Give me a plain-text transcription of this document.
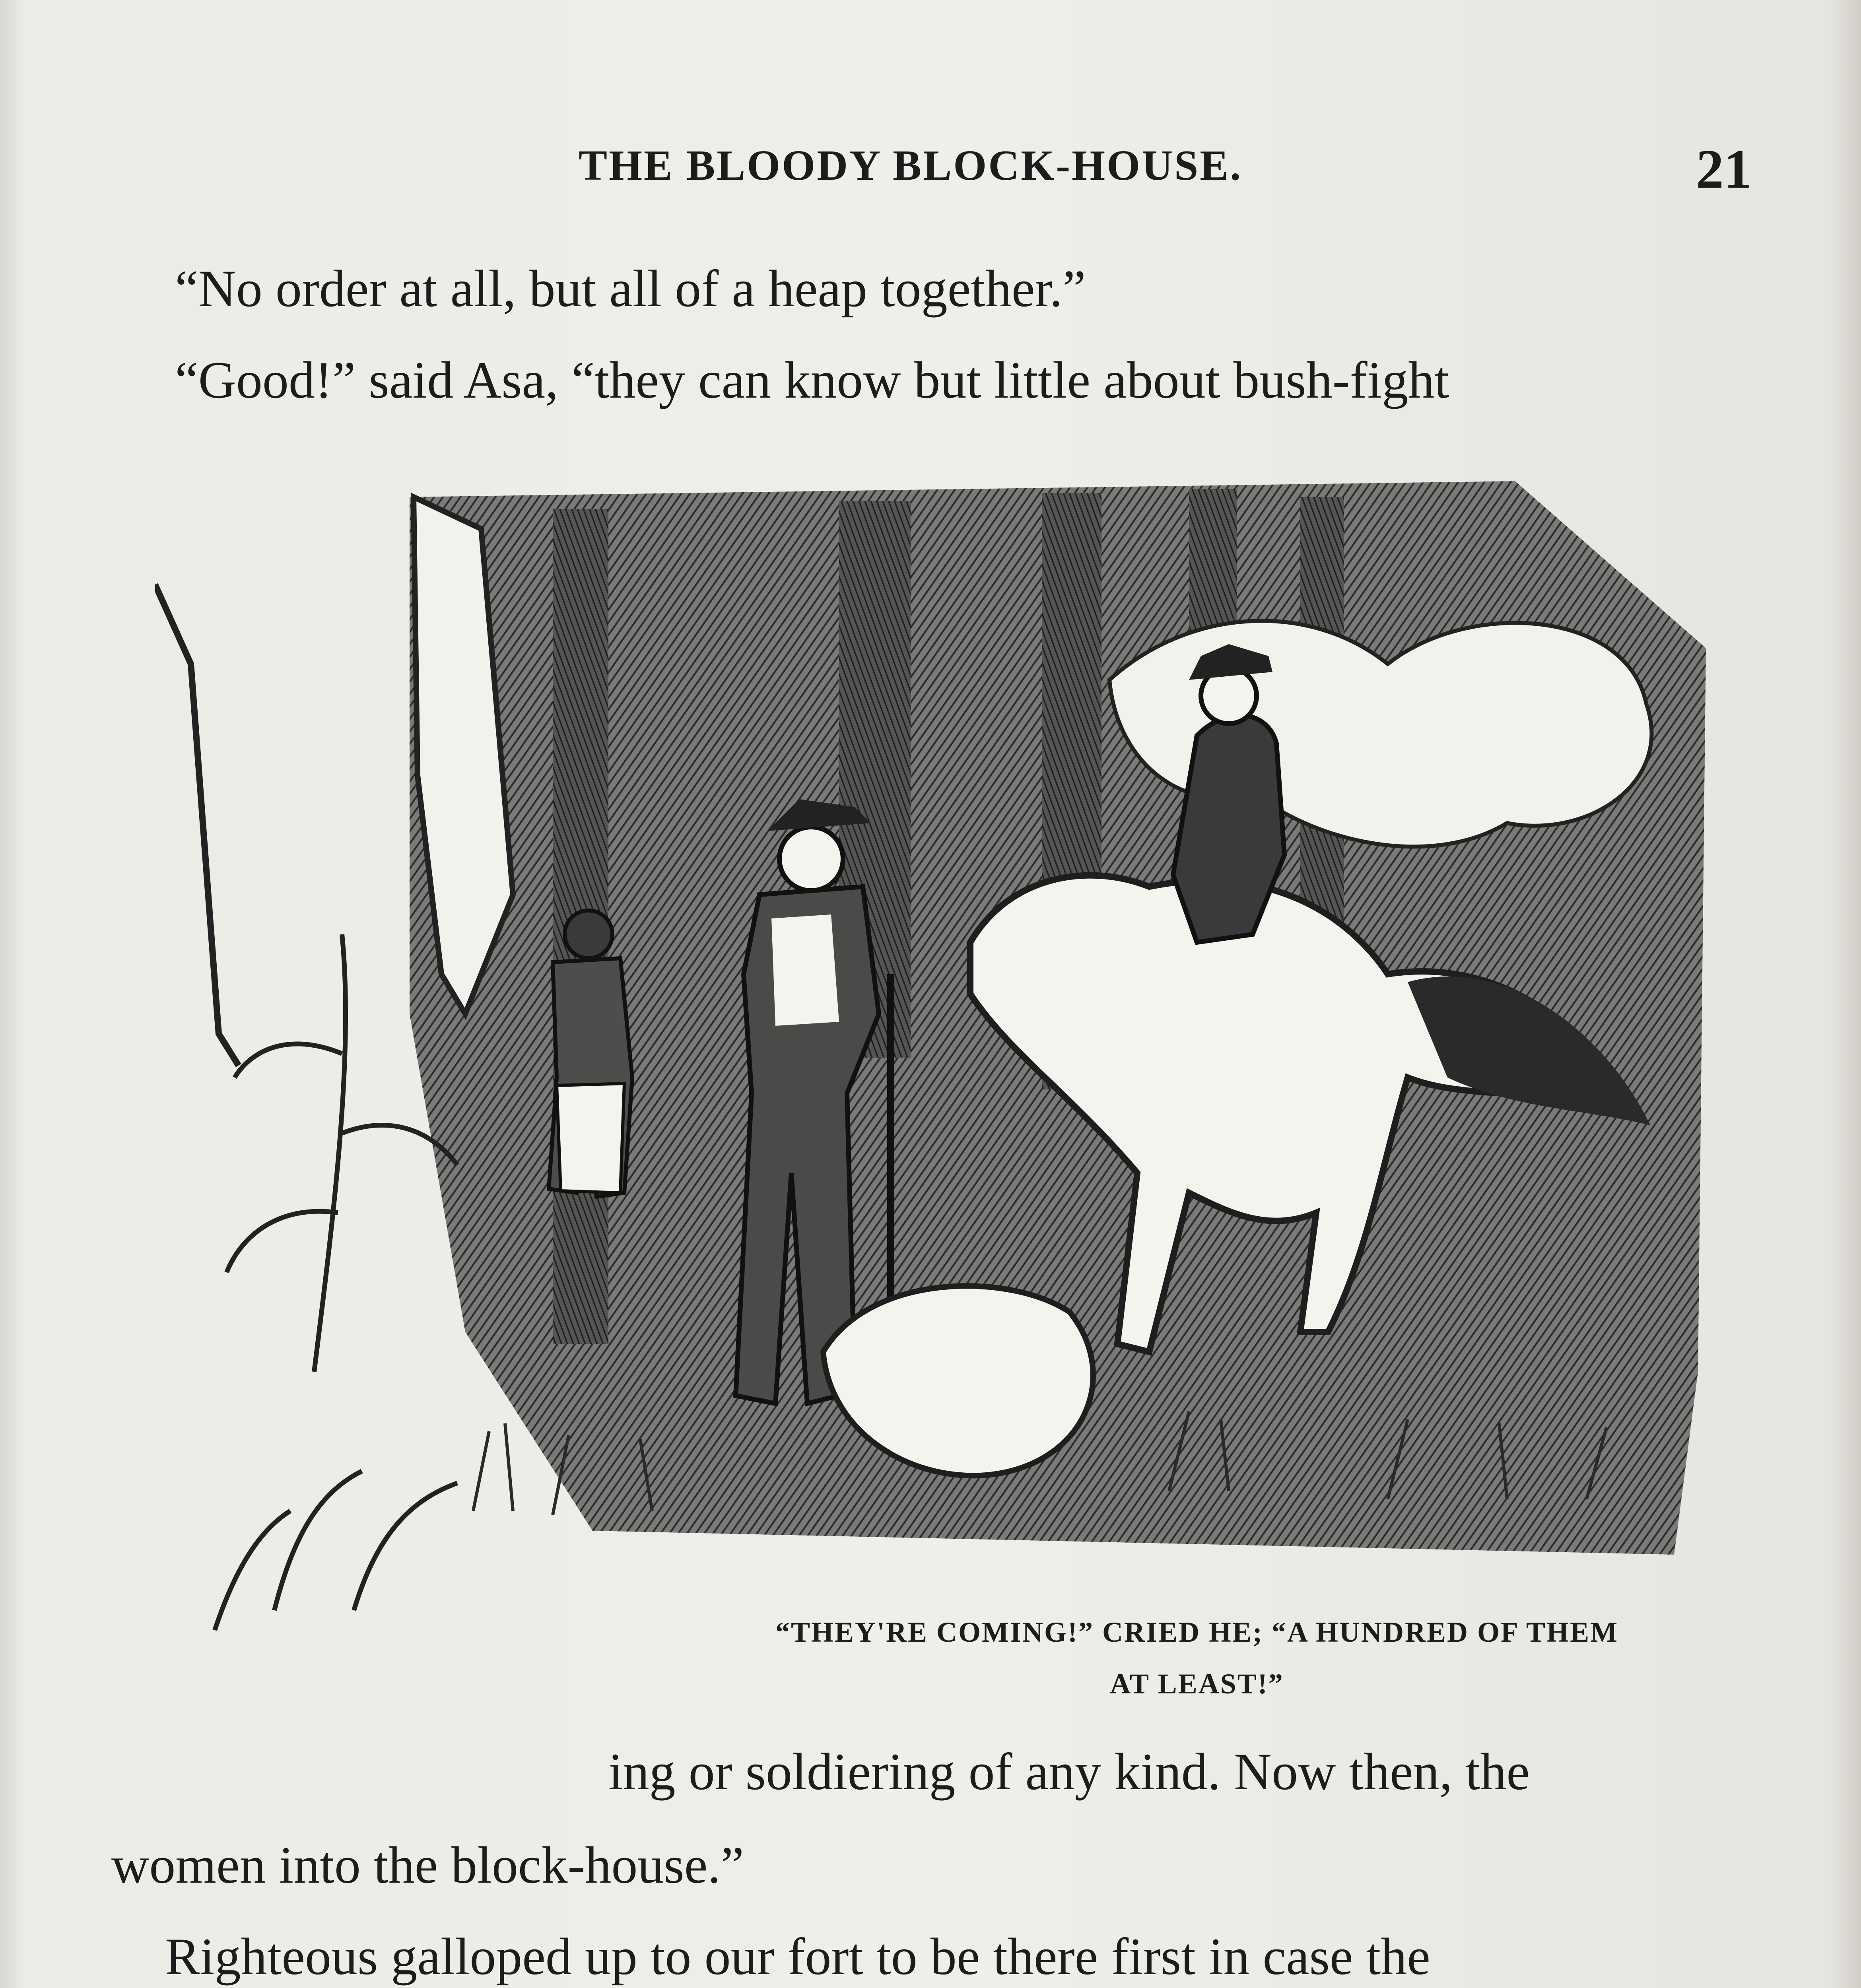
THE BLOODY BLOCK-HOUSE.	21
“No order at all, but all of a heap together.”
“Good!” said Asa, “they can know but little about bush-fight
“THEY'RE COMING!” CRIED HE; “A HUNDRED OF THEM
AT LEAST!”
ing or soldiering of any kind. Now then, the
women into the block-house.”
Righteous galloped up to our fort to be there first in case the
